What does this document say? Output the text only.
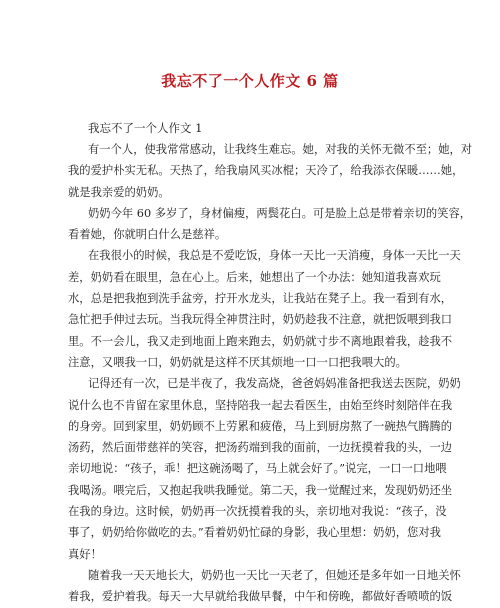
我忘不了一个人作文 6 篇
我忘不了一个人作文 1
有一个人，使我常常感动，让我终生难忘。她，对我的关怀无微不至；她，对
我的爱护朴实无私。天热了，给我扇风买冰棍；天冷了，给我添衣保暖……她，
就是我亲爱的奶奶。
奶奶今年 60 多岁了，身材偏瘦，两鬓花白。可是脸上总是带着亲切的笑容，
看着她，你就明白什么是慈祥。
在我很小的时候，我总是不爱吃饭，身体一天比一天消瘦，身体一天比一天
差，奶奶看在眼里，急在心上。后来，她想出了一个办法：她知道我喜欢玩
水，总是把我抱到洗手盆旁，拧开水龙头，让我站在凳子上。我一看到有水，
急忙把手伸过去玩。当我玩得全神贯注时，奶奶趁我不注意，就把饭喂到我口
里。不一会儿，我又走到地面上跑来跑去，奶奶就寸步不离地跟着我，趁我不
注意，又喂我一口，奶奶就是这样不厌其烦地一口一口把我喂大的。
记得还有一次，已是半夜了，我发高烧，爸爸妈妈准备把我送去医院，奶奶
说什么也不肯留在家里休息，坚持陪我一起去看医生，由始至终时刻陪伴在我
的身旁。回到家里，奶奶顾不上劳累和疲倦，马上到厨房熬了一碗热气腾腾的
汤药，然后面带慈祥的笑容，把汤药端到我的面前，一边抚摸着我的头，一边
亲切地说：“孩子，乖！把这碗汤喝了，马上就会好了。”说完，一口一口地喂
我喝汤。喂完后，又抱起我哄我睡觉。第二天，我一觉醒过来，发现奶奶还坐
在我的身边。这时候，奶奶再一次抚摸着我的头，亲切地对我说：“孩子，没
事了，奶奶给你做吃的去。”看着奶奶忙碌的身影，我心里想：奶奶，您对我
真好！
随着我一天天地长大，奶奶也一天比一天老了，但她还是多年如一日地关怀
着我，爱护着我。每天一大早就给我做早餐，中午和傍晚，都做好香喷喷的饭
